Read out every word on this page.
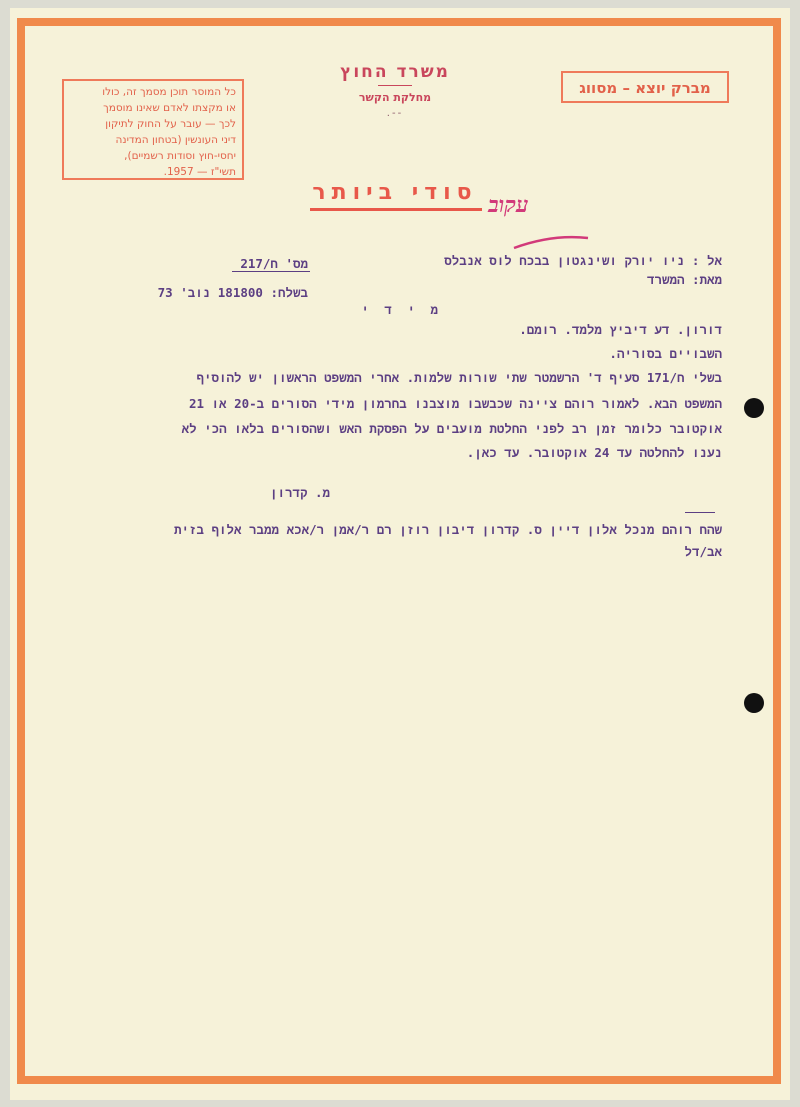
כל המוסר תוכן מסמך זה, כולו
או מקצתו לאדם שאינו מוסמך
לכך — עובר על החוק לתיקון
דיני העונשין (בטחון המדינה
יחסי-חוץ וסודות רשמיים),
תשי"ז — 1957.
מברק יוצא – מסווג
משרד החוץ
מחלקת הקשר
--.
סודי ביותר עקוב
אל : ניו יורק ושינגטון בבכח לוס אנבלס
מאת: המשרד
מס' ח/217
בשלח: 181800 נוב' 73
מ י ד י
דורון. דע דיביץ מלמד. רומם.
השבויים בסוריה.
בשלי ח/171 סעיף ד' הרשמטר שתי שורות שלמות. אחרי המשפט הראשון יש להוסיף
המשפט הבא. לאמור רוהם ציינה שכבשבו מוצבנו בחרמון מידי הסורים ב-20 או 21
אוקטובר כלומר זמן רב לפני החלטת מועבים על הפסקת האש ושהסורים בלאו הכי לא
נענו להחלטה עד 24 אוקטובר. עד כאן.
מ. קדרון
שהח רוהם מנכל אלון דיין ס. קדרון דיבון רוזן רם ר/אמן ר/אכא ממבר אלוף בזית
אב/דל
